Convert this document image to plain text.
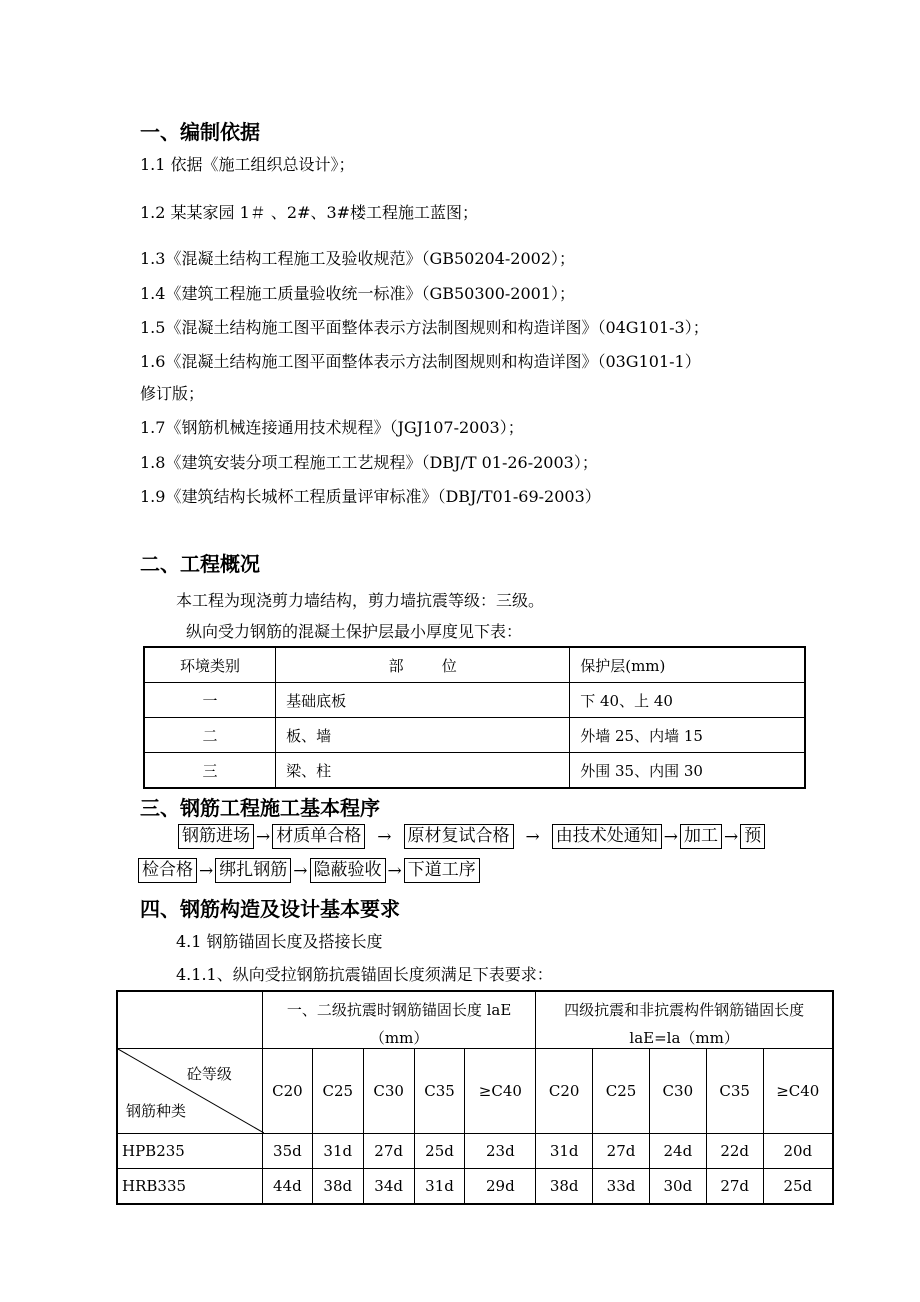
一、编制依据
1.1 依据《施工组织总设计》；
1.2 某某家园 1＃ 、2#、3#楼工程施工蓝图；
1.3《混凝土结构工程施工及验收规范》（GB50204-2002）；
1.4《建筑工程施工质量验收统一标准》（GB50300-2001）；
1.5《混凝土结构施工图平面整体表示方法制图规则和构造详图》（04G101-3）；
1.6《混凝土结构施工图平面整体表示方法制图规则和构造详图》（03G101-1）
修订版；
1.7《钢筋机械连接通用技术规程》（JGJ107-2003）；
1.8《建筑安装分项工程施工工艺规程》（DBJ/T 01-26-2003）；
1.9《建筑结构长城杯工程质量评审标准》（DBJ/T01-69-2003）
二、工程概况
本工程为现浇剪力墙结构，剪力墙抗震等级：三级。
纵向受力钢筋的混凝土保护层最小厚度见下表：
环境类别	部        位	保护层(mm)
一	基础底板	下 40、上 40
二	板、墙	外墙 25、内墙 15
三	梁、柱	外围 35、内围 30
三、钢筋工程施工基本程序
钢筋进场 → 材质单合格 → 原材复试合格 → 由技术处通知 → 加工 → 预
检合格 → 绑扎钢筋 → 隐蔽验收 → 下道工序
四、钢筋构造及设计基本要求
4.1 钢筋锚固长度及搭接长度
4.1.1、纵向受拉钢筋抗震锚固长度须满足下表要求：
	一、二级抗震时钢筋锚固长度 laE					四级抗震和非抗震构件钢筋锚固长度				
	（mm）					laE=la（mm）				

砼等级
钢筋种类	C20	C25	C30	C35	≥C40	C20	C25	C30	C35	≥C40
HPB235	35d	31d	27d	25d	23d	31d	27d	24d	22d	20d
HRB335	44d	38d	34d	31d	29d	38d	33d	30d	27d	25d
